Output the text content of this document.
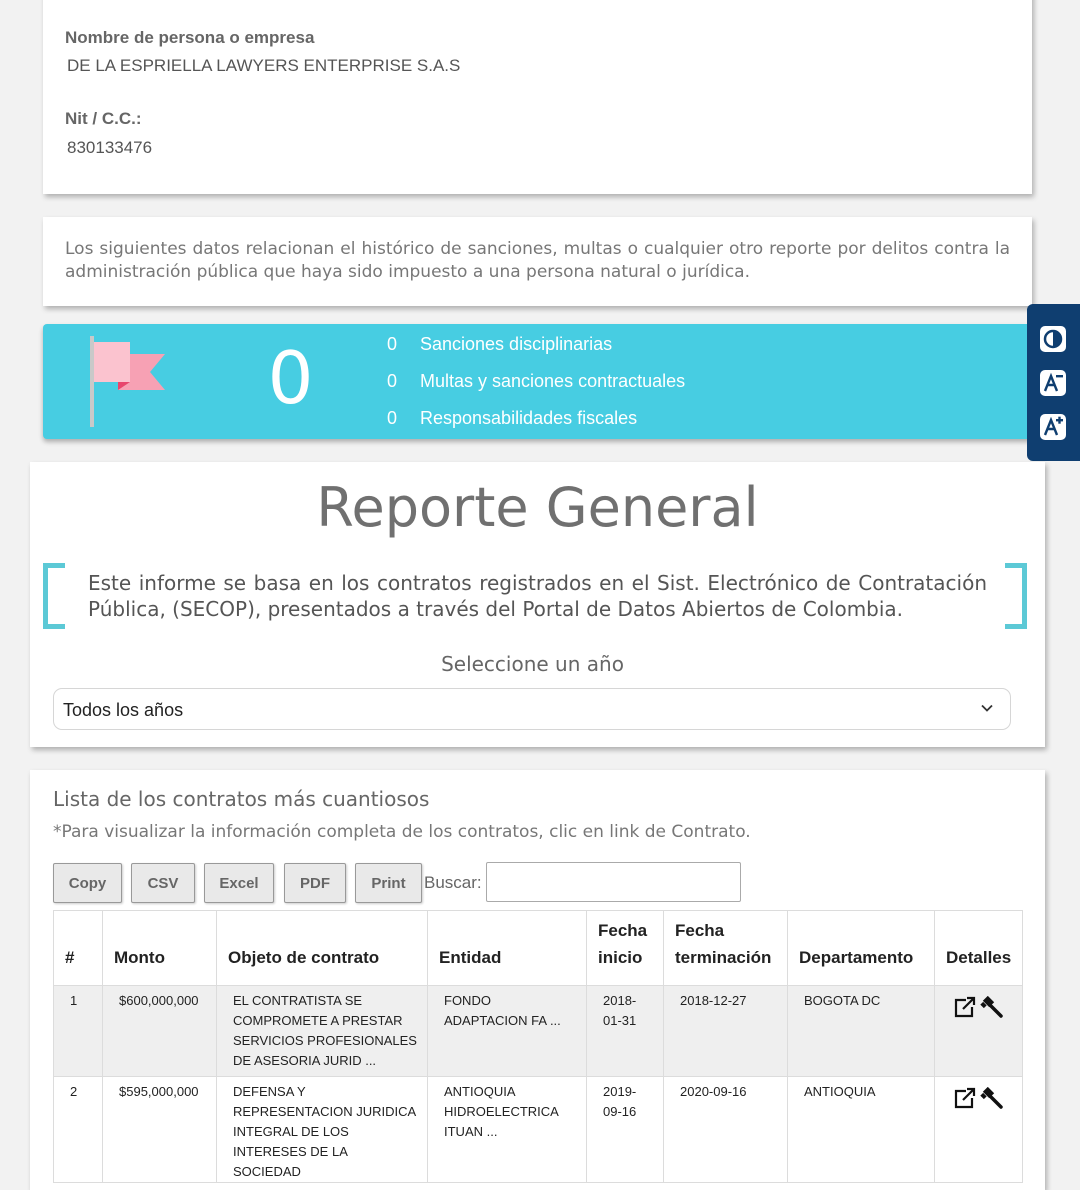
Nombre de persona o empresa
DE LA ESPRIELLA LAWYERS ENTERPRISE S.A.S
Nit / C.C.:
830133476

Los siguientes datos relacionan el histórico de sanciones, multas o cualquier otro reporte por delitos contra la administración pública que haya sido impuesto a una persona natural o jurídica.

0	0 Sanciones disciplinarias
0 Multas y sanciones contractuales
0 Responsabilidades fiscales
Reporte General

Este informe se basa en los contratos registrados en el Sist. Electrónico de Contratación Pública, (SECOP), presentados a través del Portal de Datos Abiertos de Colombia.

Seleccione un año
Todos los años
Lista de los contratos más cuantiosos
*Para visualizar la información completa de los contratos, clic en link de Contrato.
Copy	CSV	Excel	PDF	Print	Buscar:
#	Monto	Objeto de contrato	Entidad	Fecha inicio	Fecha terminación	Departamento	Detalles
1	$600,000,000	EL CONTRATISTA SE COMPROMETE A PRESTAR SERVICIOS PROFESIONALES DE ASESORIA JURID ...	FONDO ADAPTACION FA ...	2018-01-31	2018-12-27	BOGOTA DC	

2	$595,000,000	DEFENSA Y REPRESENTACION JURIDICA INTEGRAL DE LOS INTERESES DE LA SOCIEDAD	ANTIOQUIA HIDROELECTRICA ITUAN ...	2019-09-16	2020-09-16	ANTIOQUIA	
